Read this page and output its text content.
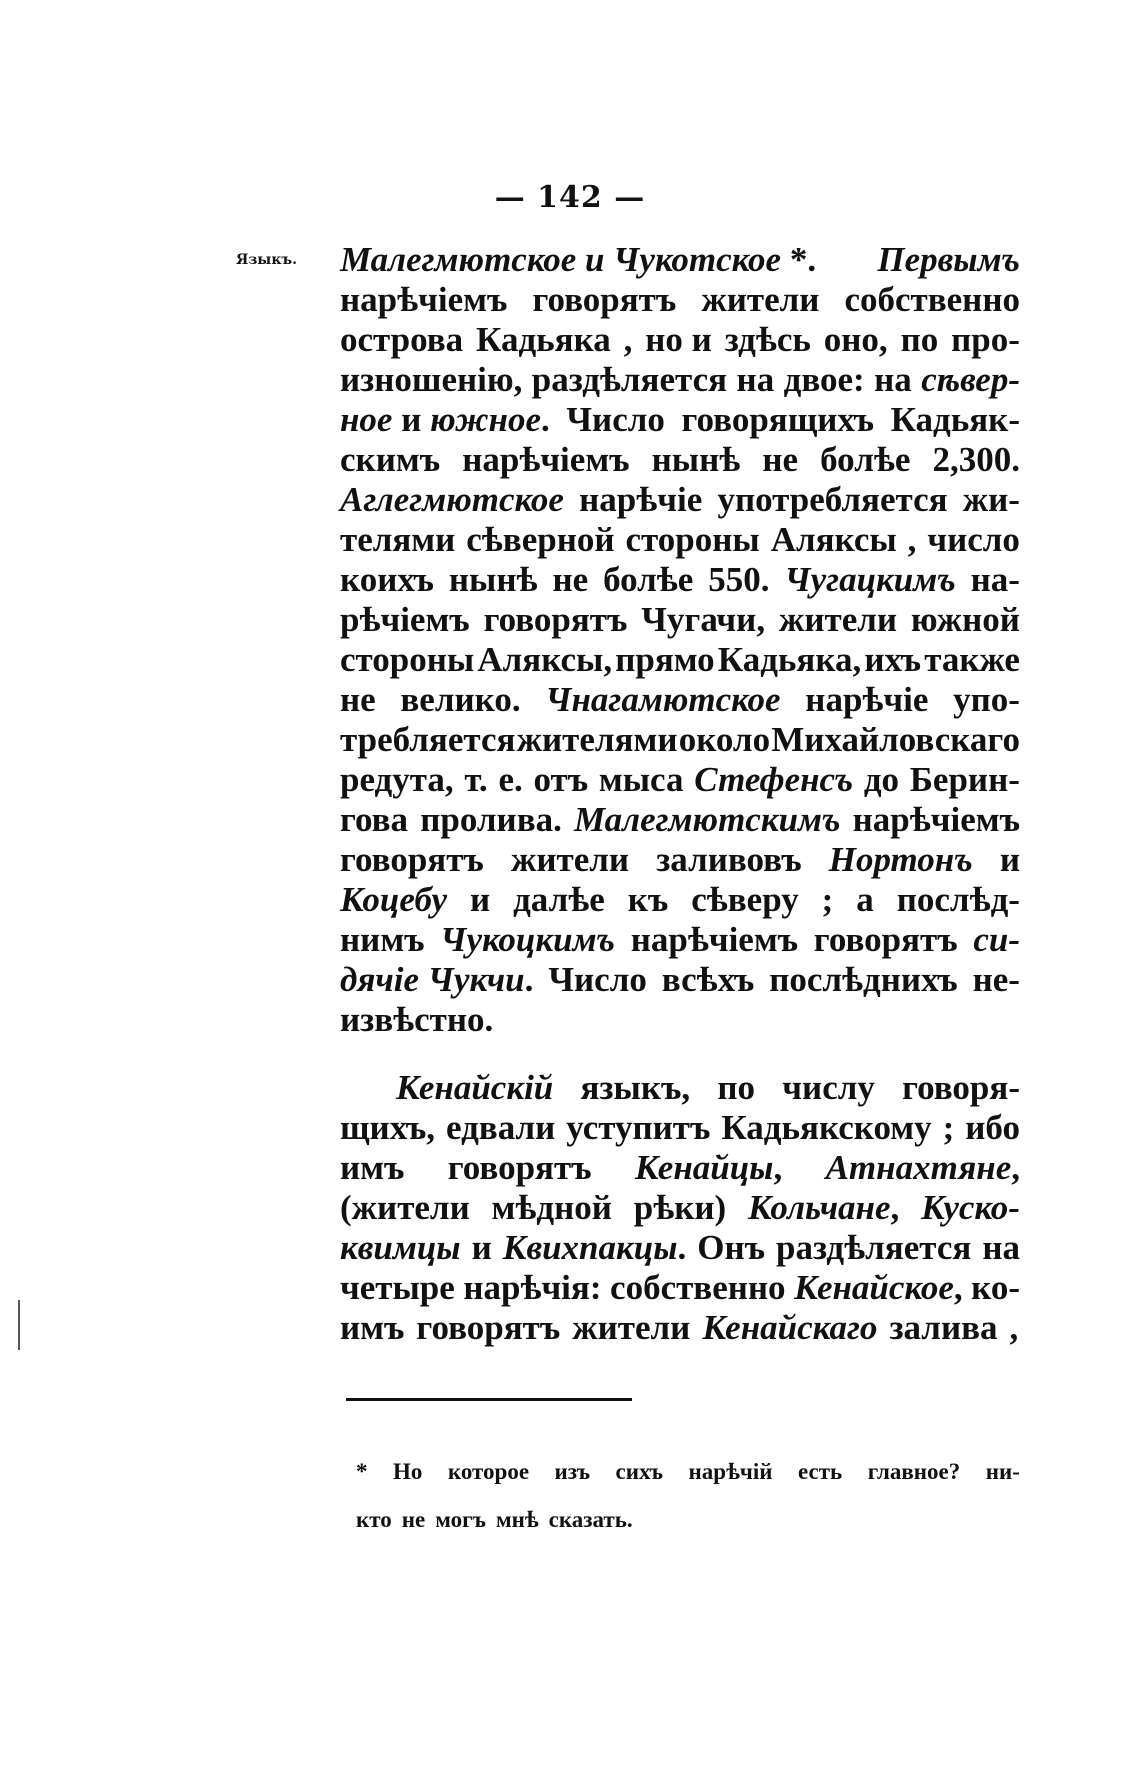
— 142 —
Языкъ. Малегмютское и Чукотское *. Первымъ
нарѣчіемъ говорятъ жители собственно
острова Кадьяка , но и здѣсь оно, по про-
изношенію, раздѣляется на двое: на сѣвер-
ное и южное. Число говорящихъ Кадьяк-
скимъ нарѣчіемъ нынѣ не болѣе 2,300.
Аглегмютское нарѣчіе употребляется жи-
телями сѣверной стороны Аляксы , число
коихъ нынѣ не болѣе 550. Чугацкимъ на-
рѣчіемъ говорятъ Чугачи, жители южной
стороны Аляксы, прямо Кадьяка, ихъ также
не велико. Чнагамютское нарѣчіе упо-
требляется жителями около Михайловскаго
редута, т. е. отъ мыса Стефенсъ до Берин-
гова пролива. Малегмютскимъ нарѣчіемъ
говорятъ жители заливовъ Нортонъ и
Коцебу и далѣе къ сѣверу ; а послѣд-
нимъ Чукоцкимъ нарѣчіемъ говорятъ си-
дячіе Чукчи. Число всѣхъ послѣднихъ не-
извѣстно.
Кенайскій языкъ, по числу говоря-
щихъ, едвали уступитъ Кадьякскому ; ибо
имъ говорятъ Кенайцы, Атнахтяне,
(жители мѣдной рѣки) Кольчане, Куско-
квимцы и Квихпакцы. Онъ раздѣляется на
четыре нарѣчія: собственно Кенайское, ко-
имъ говорятъ жители Кенайскаго залива ,
* Но которое изъ сихъ нарѣчій есть главное? ни-
кто не могъ мнѣ сказать.
